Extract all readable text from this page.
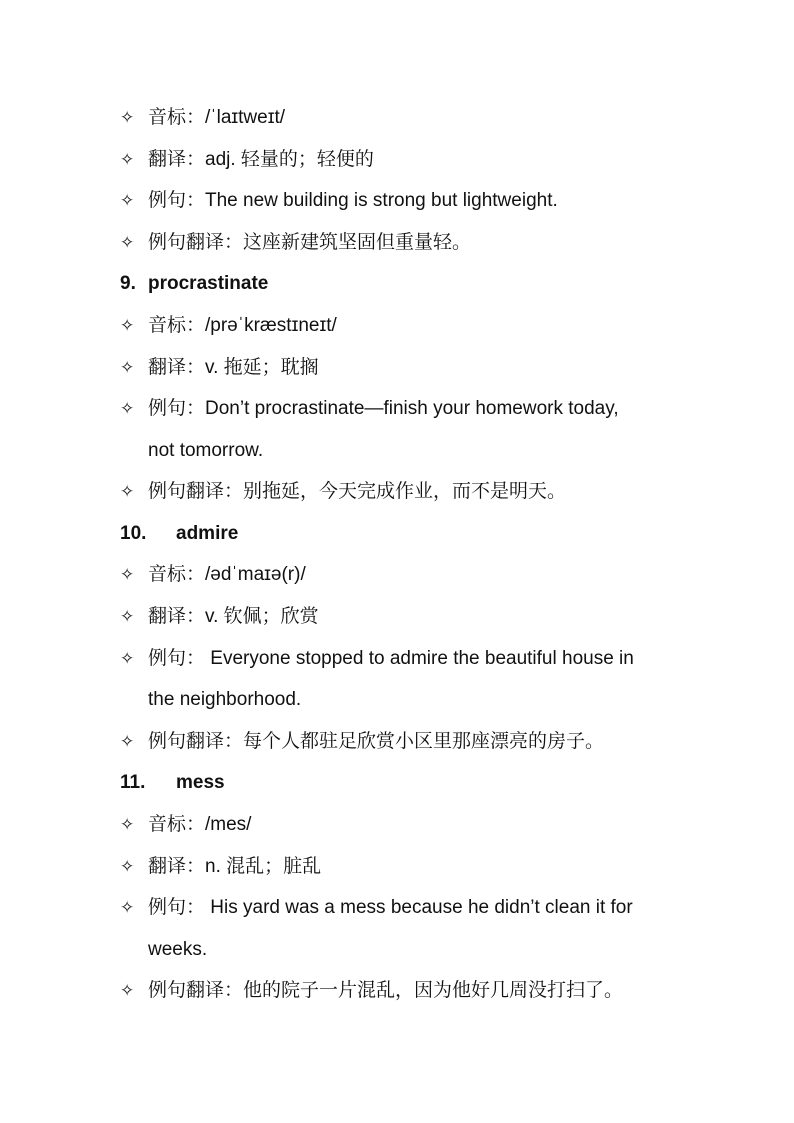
✧ 音标：/ˈlaɪtweɪt/
✧ 翻译：adj. 轻量的；轻便的
✧ 例句：The new building is strong but lightweight.
✧ 例句翻译：这座新建筑坚固但重量轻。
9. procrastinate
✧ 音标：/prəˈkræstɪneɪt/
✧ 翻译：v. 拖延；耽搁
✧ 例句：Don’t procrastinate—finish your homework today,
not tomorrow.
✧ 例句翻译：别拖延，今天完成作业，而不是明天。
10. admire
✧ 音标：/ədˈmaɪə(r)/
✧ 翻译：v. 钦佩；欣赏
✧ 例句： Everyone stopped to admire the beautiful house in
the neighborhood.
✧ 例句翻译：每个人都驻足欣赏小区里那座漂亮的房子。
11. mess
✧ 音标：/mes/
✧ 翻译：n. 混乱；脏乱
✧ 例句： His yard was a mess because he didn’t clean it for
weeks.
✧ 例句翻译：他的院子一片混乱，因为他好几周没打扫了。
